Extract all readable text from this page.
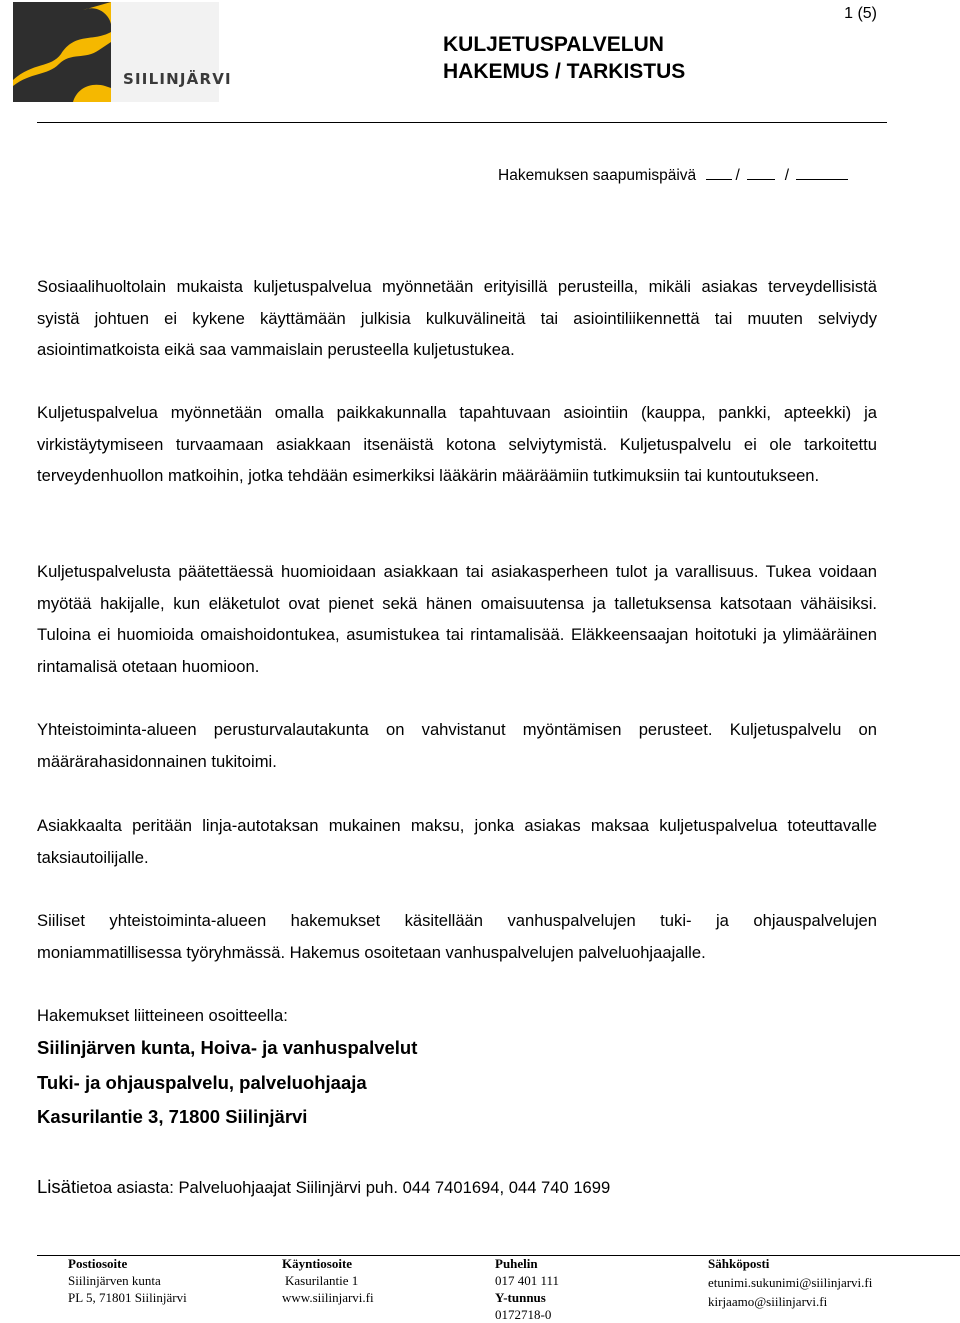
SIILINJÄRVI
1 (5)
KULJETUSPALVELUN
HAKEMUS / TARKISTUS
Hakemuksen saapumispäivä	/	/

Sosiaalihuoltolain mukaista kuljetuspalvelua myönnetään erityisillä perusteilla, mikäli asiakas terveydellisistä syistä johtuen ei kykene käyttämään julkisia kulkuvälineitä tai asiointiliikennettä tai muuten selviydy asiointimatkoista eikä saa vammaislain perusteella kuljetustukea.

Kuljetuspalvelua myönnetään omalla paikkakunnalla tapahtuvaan asiointiin (kauppa, pankki, apteekki) ja virkistäytymiseen turvaamaan asiakkaan itsenäistä kotona selviytymistä. Kuljetuspalvelu ei ole tarkoitettu terveydenhuollon matkoihin, jotka tehdään esimerkiksi lääkärin määräämiin tutkimuksiin tai kuntoutukseen.

Kuljetuspalvelusta päätettäessä huomioidaan asiakkaan tai asiakasperheen tulot ja varallisuus. Tukea voidaan myötää hakijalle, kun eläketulot ovat pienet sekä hänen omaisuutensa ja talletuksensa katsotaan vähäisiksi. Tuloina ei huomioida omaishoidontukea, asumistukea tai rintamalisää. Eläkkeensaajan hoitotuki ja ylimääräinen rintamalisä otetaan huomioon.

Yhteistoiminta-alueen perusturvalautakunta on vahvistanut myöntämisen perusteet. Kuljetuspalvelu on määrärahasidonnainen tukitoimi.

Asiakkaalta peritään linja-autotaksan mukainen maksu, jonka asiakas maksaa kuljetuspalvelua toteuttavalle taksiautoilijalle.

Siiliset yhteistoiminta-alueen hakemukset käsitellään vanhuspalvelujen tuki- ja ohjauspalvelujen moniammatillisessa työryhmässä. Hakemus osoitetaan vanhuspalvelujen palveluohjaajalle.

Hakemukset liitteineen osoitteella:

Siilinjärven kunta, Hoiva- ja vanhuspalvelut
Tuki- ja ohjauspalvelu, palveluohjaaja
Kasurilantie 3, 71800 Siilinjärvi
Lisätietoa asiasta: Palveluohjaajat Siilinjärvi puh. 044 7401694, 044 740 1699
Postiosoite
Siilinjärven kunta
PL 5, 71801 Siilinjärvi
Käyntiosoite
Kasurilantie 1
www.siilinjarvi.fi
Puhelin
017 401 111
Y-tunnus
0172718-0
Sähköposti
etunimi.sukunimi@siilinjarvi.fi
kirjaamo@siilinjarvi.fi
